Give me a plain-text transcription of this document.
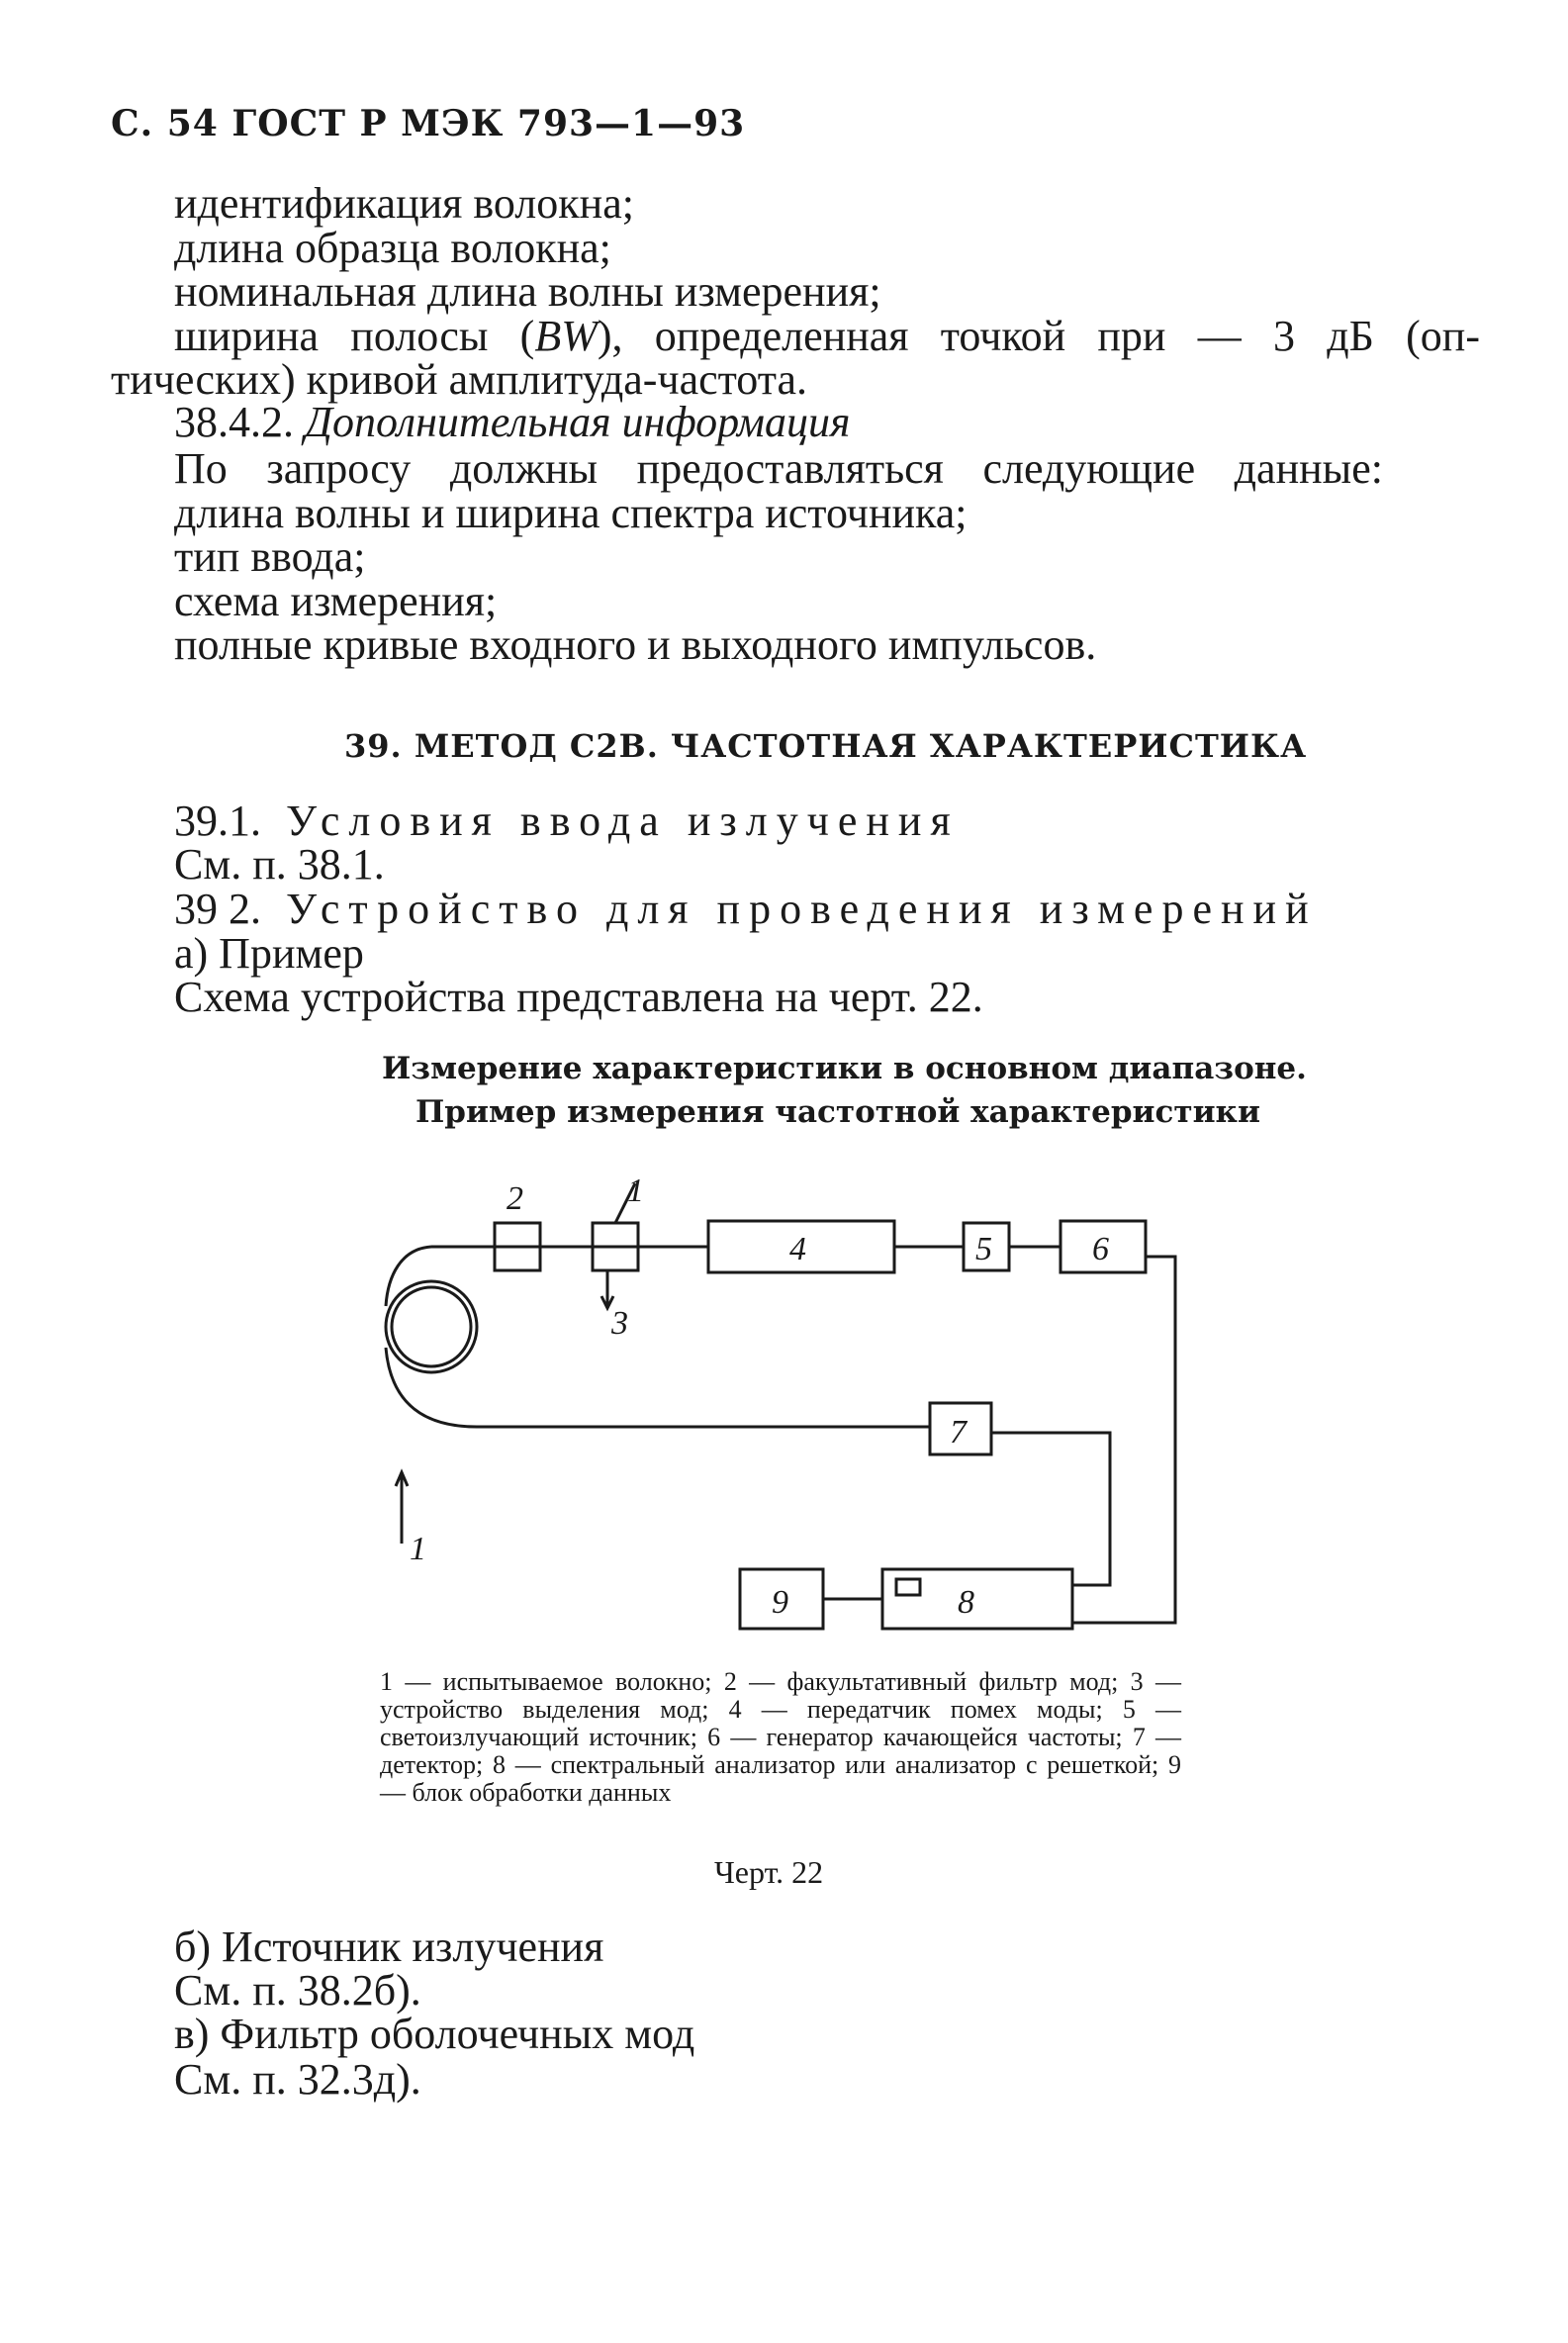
С. 54 ГОСТ Р МЭК 793—1—93
идентификация волокна;
длина образца волокна;
номинальная длина волны измерения;
ширина полосы (BW), определенная точкой при — 3 дБ (оп-
тических) кривой амплитуда-частота.
38.4.2. Дополнительная информация
По запросу должны предоставляться следующие данные:
длина волны и ширина спектра источника;
тип ввода;
схема измерения;
полные кривые входного и выходного импульсов.
39. МЕТОД С2В. ЧАСТОТНАЯ ХАРАКТЕРИСТИКА
39.1. Условия ввода излучения
См. п. 38.1.
39 2. Устройство для проведения измерений
а) Пример
Схема устройства представлена на черт. 22.
Измерение характеристики в основном диапазоне.
Пример измерения частотной характеристики
2	1
4	5	6
3
7
1
9	8
1 — испытываемое волокно; 2 — факультативный фильтр мод; 3 — устройство выделения мод; 4 — передатчик помех моды; 5 — светоизлучающий источник; 6 — генератор качающейся частоты; 7 — детектор; 8 — спектральный анализатор или анализатор с решеткой; 9 — блок обработки данных
Черт. 22
б) Источник излучения
См. п. 38.2б).
в) Фильтр оболочечных мод
См. п. 32.3д).
